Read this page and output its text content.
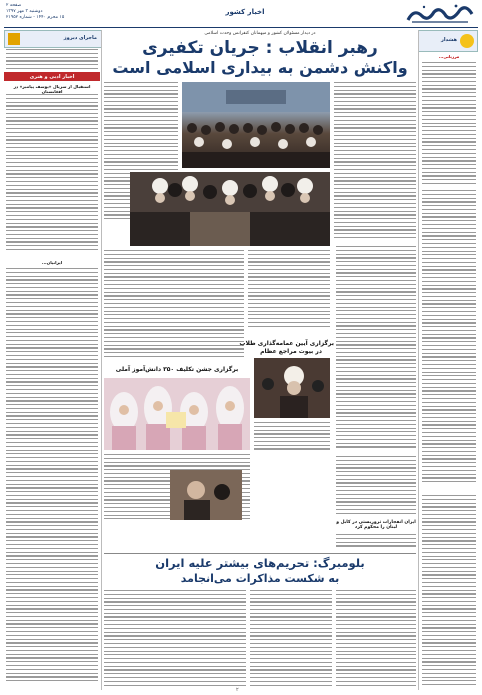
صفحه ۲
دوشنبه ۳ مهر ۱۳۹۷
۱۵ محرم ۱۴۴۰ - شماره ۲۱۹۵۲
اخبار کشور
هشدار
مرزبانی...
ماجرای دیروز
اخبار ادبی و هنری
استقبال از سریال «یوسف پیامبر» در افغانستان
ایرانیان...
در دیدار مسئولان کشور و میهمانان کنفرانس وحدت اسلامی
رهبر انقلاب : جریان تکفیری
واکنش دشمن به بیداری اسلامی است
برگزاری آیین عمامه‌گذاری طلاب
در بیوت مراجع عظام
برگزاری جشن تکلیف ۳۵۰ دانش‌آموز آملی
ایران انفجارات تروریستی در کابل و لبنان را محکوم کرد
بلومبرگ: تحریم‌های بیشتر علیه ایران
به شکست مذاکرات می‌انجامد
۲
